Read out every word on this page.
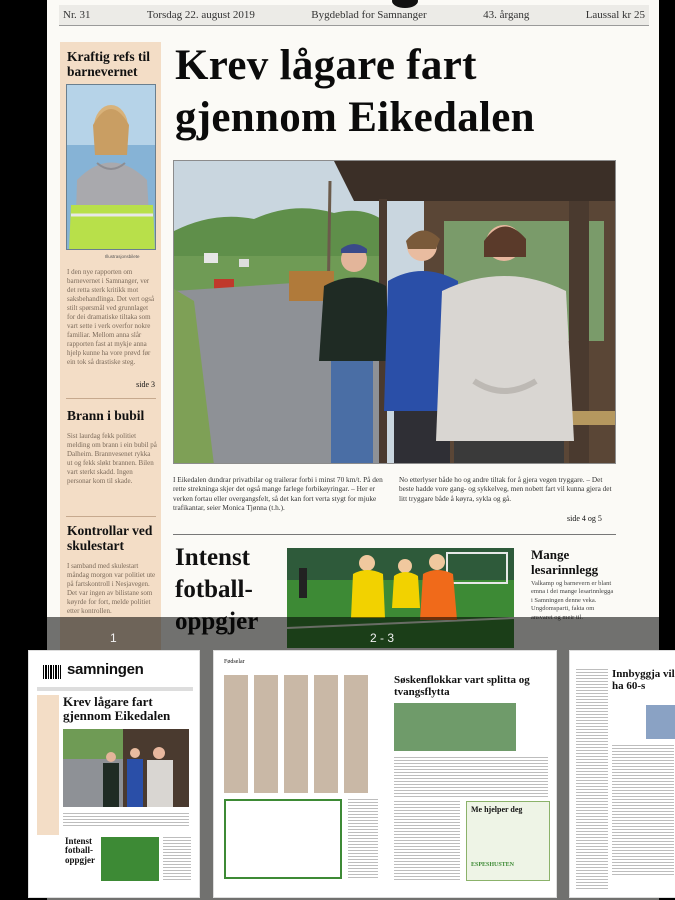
Nr. 31	Torsdag 22. august 2019	Bygdeblad for Samnanger	43. årgang	Laussal kr 25
Kraftig refs til barnevernet
Illustrasjonsbilete
I den nye rapporten om barnevernet i Samnanger, ver det retta sterk kritikk mot saksbehandlinga. Det vert også stilt spørsmål ved grunnlaget for dei dramatiske tiltaka som vart sette i verk overfor nokre familiar. Mellom anna slår rapporten fast at mykje anna hjelp kunne ha vore prøvd før ein tok så drastiske steg.
side 3
Brann i bubil
Sist laurdag fekk politiet melding om brann i ein bubil på Dalheim. Brannvesenet rykka ut og fekk sløkt brannen. Bilen vart sterkt skadd. Ingen personar kom til skade.
Kontrollar ved skulestart
I samband med skulestart måndag morgon var politiet ute på fartskontroll i Nesjavegen. Det var ingen av bilistane som køyrde for fort, melde politiet etter kontrollen.
Krev lågare fart gjennom Eikedalen
I Eikedalen dundrar privatbilar og trailerar forbi i minst 70 km/t. På den rette strekninga skjer det også mange farlege forbikøyringar. – Her er verken fortau eller overgangsfelt, så det kan fort verta stygt for mjuke trafikantar, seier Monica Tjønna (t.h.).
No etterlyser både ho og andre tiltak for å gjera vegen tryggare. – Det beste hadde vore gang- og sykkelveg, men nobett fart vil kunna gjera det litt tryggare både å køyra, sykla og gå.
side 4 og 5
Intenst fotball-
Mange lesarinnlegg
Valkamp og barnevern er blant emna i dei mange lesarinnlegga i Samningen denne veka. Ungdomsparti, fakta om
1	2 - 3
samningen
Krev lågare fart gjennom Eikedalen
Intenst fotball-oppgjer
Fødselar
Søskenflokkar vart splitta og tvangsflytta
Me hjelper deg
ESPESHUSTEN
Innbyggja vil ha 60-s
